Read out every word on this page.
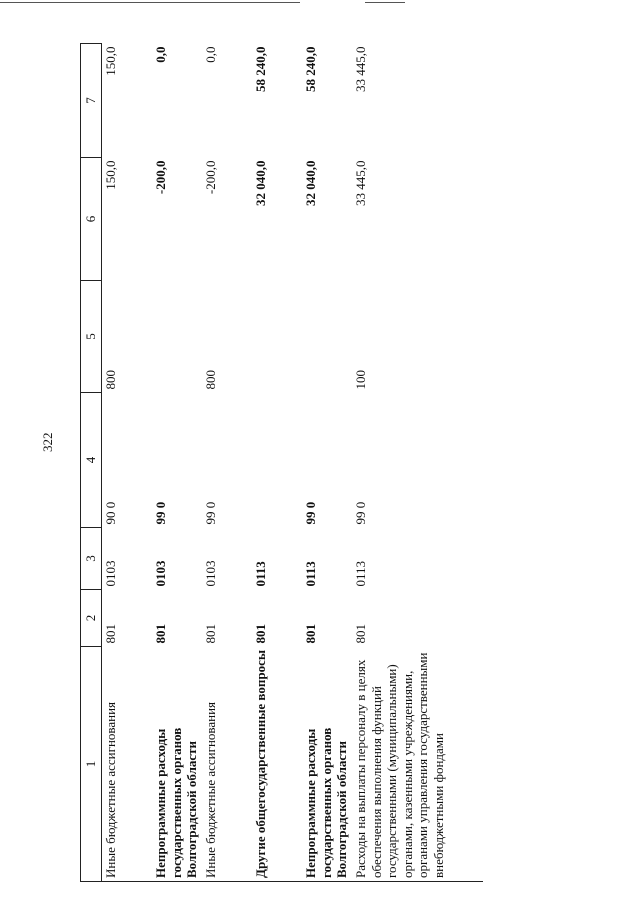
322
1	2	3	4	5	6	7
Иные бюджетные ассигнования	801	0103	90 0	800	150,0	150,0
Непрограммные расходы государственных органов Волгоградской области	801	0103	99 0		-200,0	0,0
Иные бюджетные ассигнования	801	0103	99 0	800	-200,0	0,0
Другие общегосударственные вопросы	801	0113			32 040,0	58 240,0
Непрограммные расходы государственных органов Волгоградской области	801	0113	99 0		32 040,0	58 240,0
Расходы на выплаты персоналу в целях обеспечения выполнения функций государственными (муниципальными) органами, казенными учреждениями, органами управления государственными внебюджетными фондами	801	0113	99 0	100	33 445,0	33 445,0
